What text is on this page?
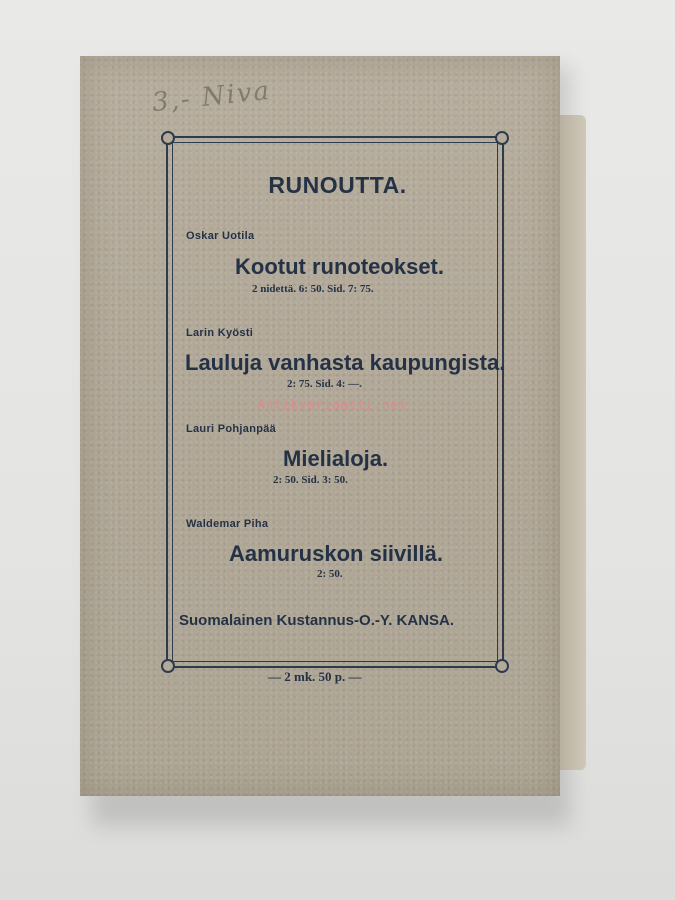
3,- Niva
RUNOUTTA.
Oskar Uotila
Kootut runoteokset.
2 nidettä. 6: 50. Sid. 7: 75.
Larin Kyösti
Lauluja vanhasta kaupungista.
2: 75. Sid. 4: —.
Lauri Pohjanpää
Mielialoja.
2: 50. Sid. 3: 50.
Waldemar Piha
Aamuruskon siivillä.
2: 50.
Suomalainen Kustannus-O.-Y. KANSA.
— 2 mk. 50 p. —
Antikvariaatti.net
